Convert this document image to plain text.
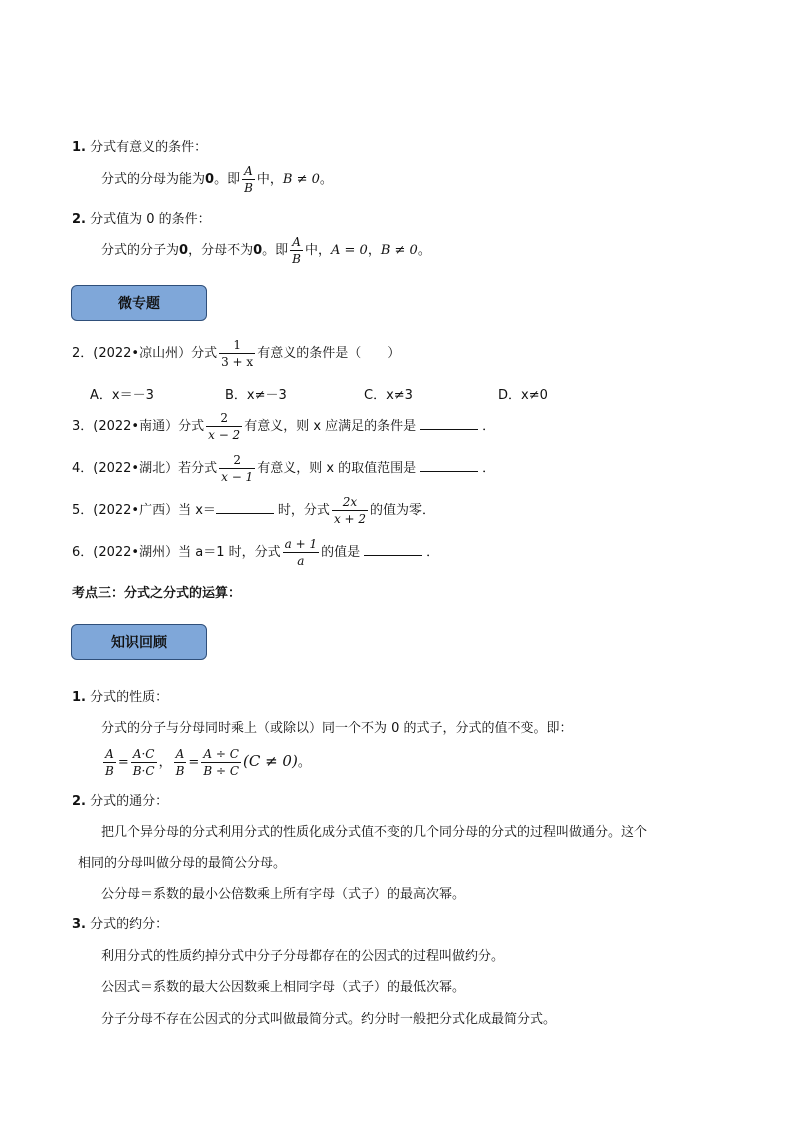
1. 分式有意义的条件：
分式的分母为能为0。即 $\frac{A}{B}$ 中，B ≠ 0。
2. 分式值为 0 的条件：
分式的分子为0，分母不为0。即 $\frac{A}{B}$ 中，A = 0，B ≠ 0。
微专题
2．(2022•凉山州）分式 $\frac{1}{3 + x}$ 有意义的条件是（　　）
A．x＝－3	B．x≠－3	C．x≠3	D．x≠0
3．(2022•南通）分式 $\frac{2}{x - 2}$ 有意义，则 x 应满足的条件是	．
4．(2022•湖北）若分式 $\frac{2}{x - 1}$ 有意义，则 x 的取值范围是	．
5．(2022•广西）当 x＝	时，分式 $\frac{2x}{x + 2}$ 的值为零．
6．(2022•湖州）当 a＝1 时，分式 $\frac{a + 1}{a}$ 的值是	．
考点三：分式之分式的运算：
知识回顾
1. 分式的性质：
分式的分子与分母同时乘上（或除以）同一个不为 0 的式子，分式的值不变。即：
$\frac{A}{B} = \frac{A\cdot C}{B\cdot C}$ ， $\frac{A}{B} = \frac{A \div C}{B \div C} (C \ne 0)$。
2. 分式的通分：
把几个异分母的分式利用分式的性质化成分式值不变的几个同分母的分式的过程叫做通分。这个
相同的分母叫做分母的最简公分母。
公分母＝系数的最小公倍数乘上所有字母（式子）的最高次幂。
3. 分式的约分：
利用分式的性质约掉分式中分子分母都存在的公因式的过程叫做约分。
公因式＝系数的最大公因数乘上相同字母（式子）的最低次幂。
分子分母不存在公因式的分式叫做最简分式。约分时一般把分式化成最简分式。
